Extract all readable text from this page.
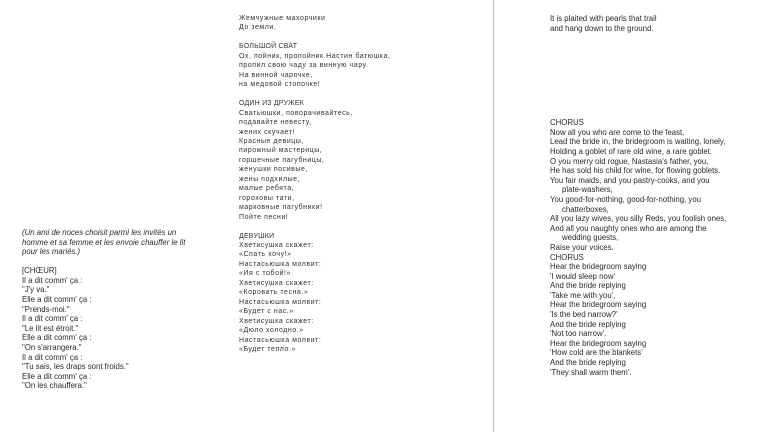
(Un ami de noces choisit parmi les invités un
homme et sa femme et les envoie chauffer le lit
pour les mariés.)
[CHŒUR]
Il a dit comm' ça :
"J'y va."
Elle a dit comm' ça :
"Prends-moi."
Il a dit comm' ça :
"Le lit est étroit."
Elle a dit comm' ça :
"On s'arrangera."
Il a dit comm' ça :
"Tu sais, les draps sont froids."
Elle a dit comm' ça :
"On les chauffera."
Жемчужные махорчики
До земли.
БОЛЬШОЙ СВАТ
Ох, пойник, пропойник Настин батюшка,
пропил свою чаду за винную чару.
На винной чарочке,
на медовой стопочке!
ОДИН ИЗ ДРУЖЕК
Сватьюшки, поворачивайтесь,
подавайте невесту,
жених скучает!
Красные девицы,
пирожный мастерицы,
горшечные пагубницы,
женушки посивые,
жены подхилые,
малые ребята,
гороховы тати,
марковные пагубники!
Пойте песни!
ДЕВУШКИ
Хветисушка скажет:
«Спать хочу!»
Настасьюшка молвит:
«Ия с тобой!»
Хветисушка скажет:
«Коровать тесна.»
Настасьюшка молвит:
«Будет с нас.»
Хветисушка скажет:
«Дюло холодно.»
Настасьюшка молвит:
«Будет тепло.»
It is plaited with pearls that trail
and hang down to the ground.
CHORUS
Now all you who are come to the feast,
Lead the bride in, the bridegroom is waiting, lonely,
Holding a goblet of rare old wine, a rare goblet.
O you merry old rogue, Nastasia's father, you,
He has sold his child for wine, for flowing goblets.
You fair maids, and you pastry-cooks, and you
plate-washers,
You good-for-nothing, good-for-nothing, you
chatterboxes,
All you lazy wives, you silly Reds, you foolish ones,
And all you naughty ones who are among the
wedding guests,
Raise your voices.
CHORUS
Hear the bridegroom saying
'I would sleep now'
And the bride replying
'Take me with you',
Hear the bridegroom saying
'Is the bed narrow?'
And the bride replying
'Not too narrow'.
Hear the bridegroom saying
'How cold are the blankets'
And the bride replying
'They shall warm them'.
